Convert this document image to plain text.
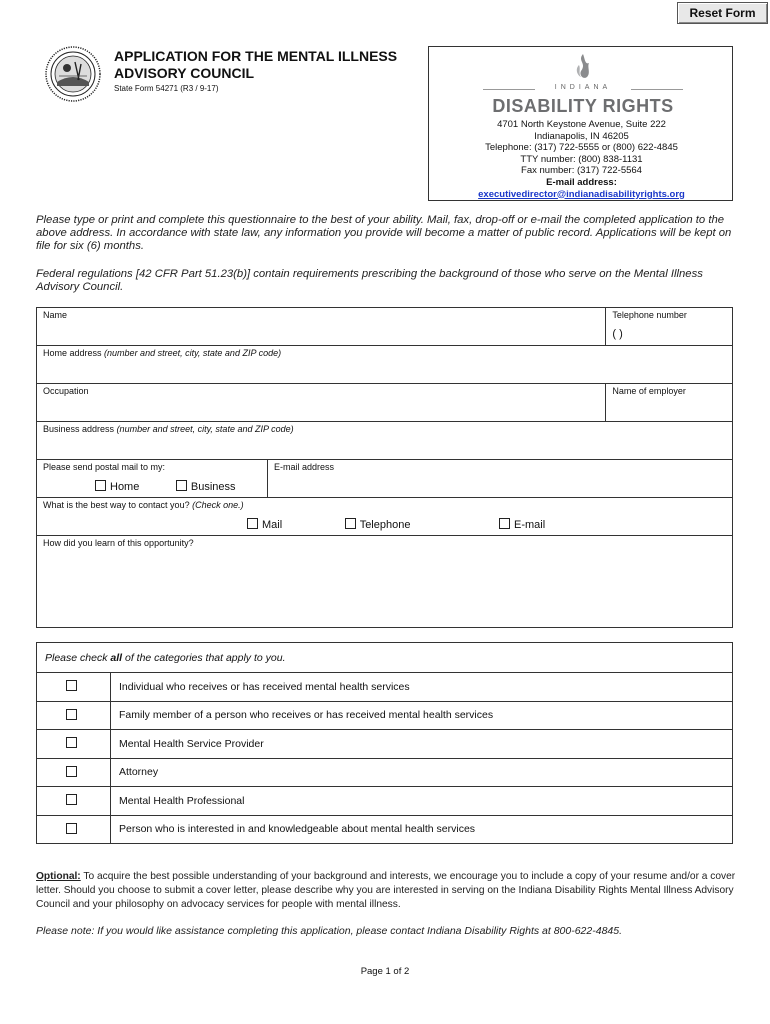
Reset Form
APPLICATION FOR THE MENTAL ILLNESS ADVISORY COUNCIL
State Form 54271 (R3 / 9-17)	INDIANA
DISABILITY RIGHTS
4701 North Keystone Avenue, Suite 222
Indianapolis, IN 46205
Telephone: (317) 722-5555 or (800) 622-4845
TTY number: (800) 838-1131
Fax number: (317) 722-5564
E-mail address:
executivedirector@indianadisabilityrights.org
Please type or print and complete this questionnaire to the best of your ability. Mail, fax, drop-off or e-mail the completed application to the above address. In accordance with state law, any information you provide will become a matter of public record. Applications will be kept on file for six (6) months.
Federal regulations [42 CFR Part 51.23(b)] contain requirements prescribing the background of those who serve on the Mental Illness Advisory Council.
Name		Telephone number
( )

Home address (number and street, city, state and ZIP code)		

Occupation		Name of employer

Business address (number and street, city, state and ZIP code)		

Please send postal mail to my:
Home Business	E-mail address	

What is the best way to contact you? (Check one.)
Mail Telephone E-mail		

How did you learn of this opportunity?		
Please check all of the categories that apply to you.	
	Individual who receives or has received mental health services
	Family member of a person who receives or has received mental health services
	Mental Health Service Provider
	Attorney
	Mental Health Professional
	Person who is interested in and knowledgeable about mental health services
Optional: To acquire the best possible understanding of your background and interests, we encourage you to include a copy of your resume and/or a cover letter. Should you choose to submit a cover letter, please describe why you are interested in serving on the Indiana Disability Rights Mental Illness Advisory Council and your philosophy on advocacy services for people with mental illness.
Please note: If you would like assistance completing this application, please contact Indiana Disability Rights at 800-622-4845.
Page 1 of 2
